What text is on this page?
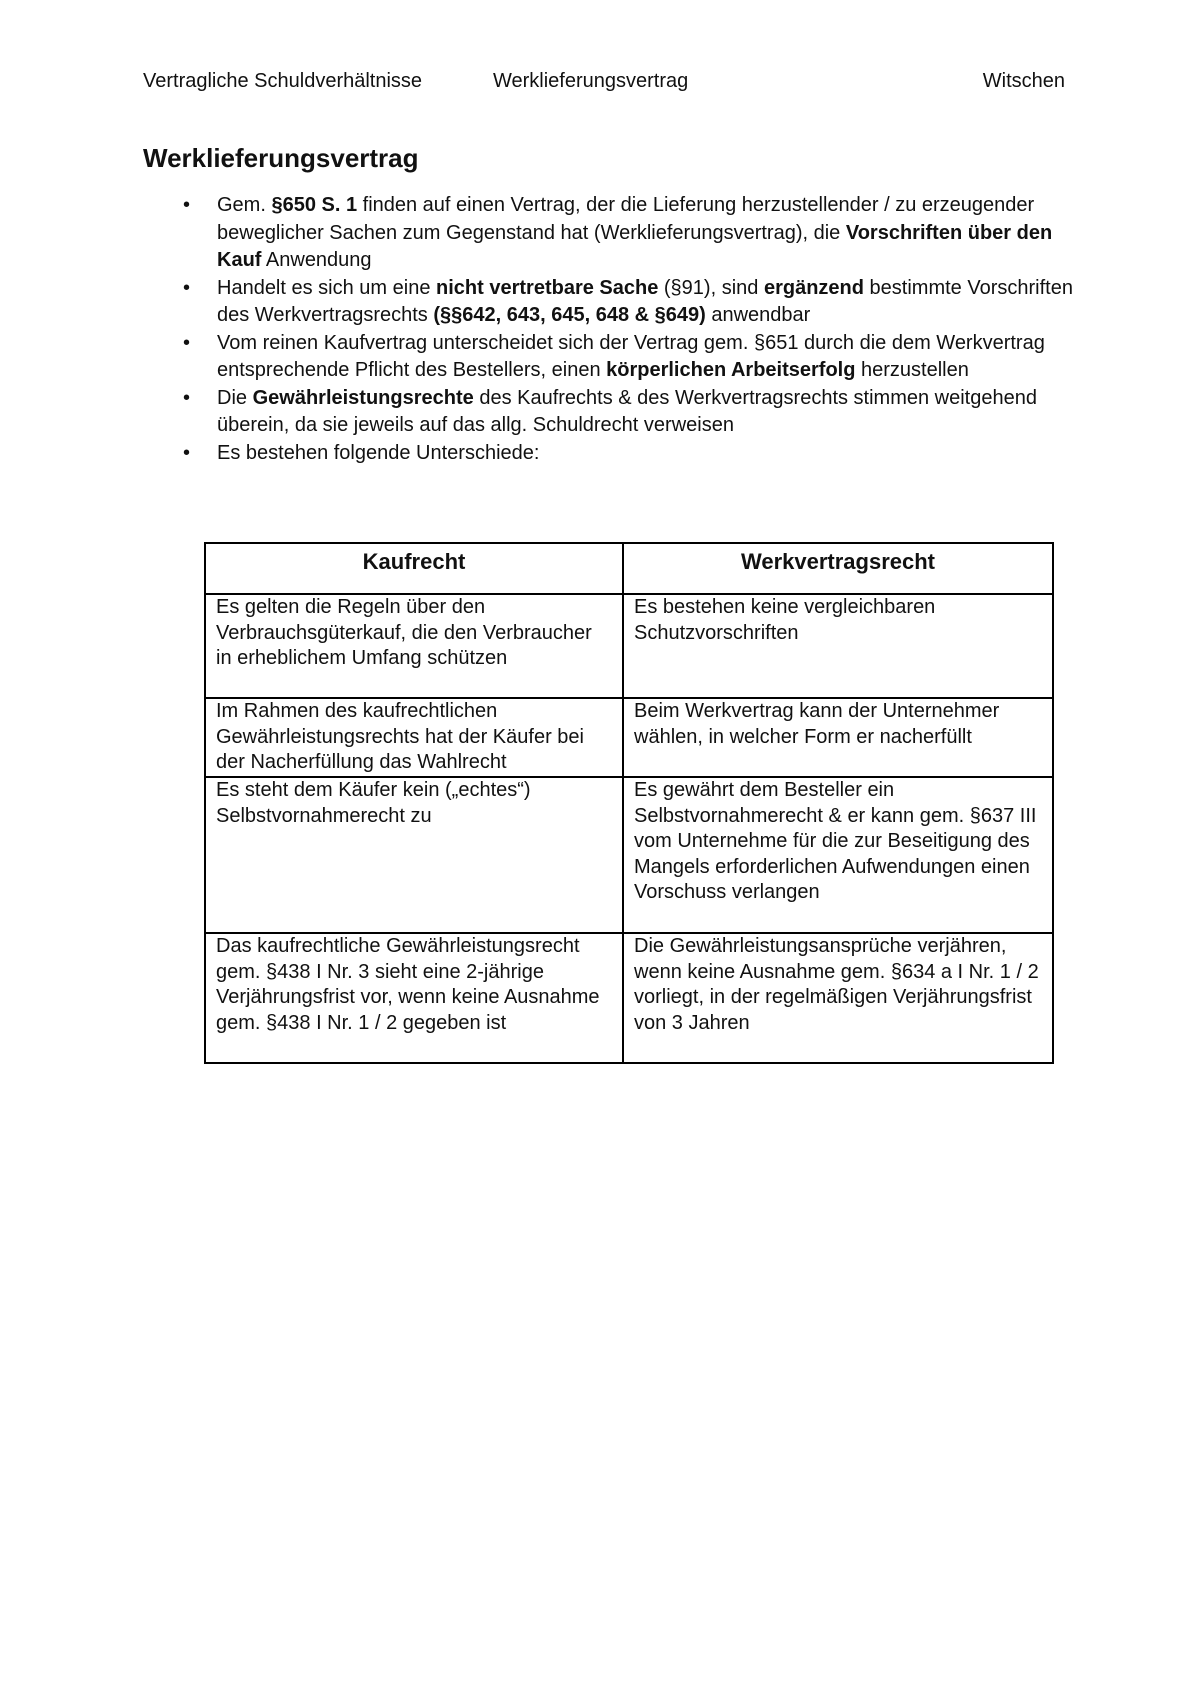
Vertragliche Schuldverhältnisse	Werklieferungsvertrag	Witschen
Werklieferungsvertrag
•	Gem. §650 S. 1 finden auf einen Vertrag, der die Lieferung herzustellender / zu erzeugender beweglicher Sachen zum Gegenstand hat (Werklieferungsvertrag), die Vorschriften über den Kauf Anwendung
•	Handelt es sich um eine nicht vertretbare Sache (§91), sind ergänzend bestimmte Vorschriften des Werkvertragsrechts (§§642, 643, 645, 648 & §649) anwendbar
•	Vom reinen Kaufvertrag unterscheidet sich der Vertrag gem. §651 durch die dem Werkvertrag entsprechende Pflicht des Bestellers, einen körperlichen Arbeitserfolg herzustellen
•	Die Gewährleistungsrechte des Kaufrechts & des Werkvertragsrechts stimmen weitgehend überein, da sie jeweils auf das allg. Schuldrecht verweisen
•	Es bestehen folgende Unterschiede:
Kaufrecht	Werkvertragsrecht
Es gelten die Regeln über den Verbrauchsgüterkauf, die den Verbraucher in erheblichem Umfang schützen	Es bestehen keine vergleichbaren Schutzvorschriften
Im Rahmen des kaufrechtlichen Gewährleistungsrechts hat der Käufer bei der Nacherfüllung das Wahlrecht	Beim Werkvertrag kann der Unternehmer wählen, in welcher Form er nacherfüllt
Es steht dem Käufer kein („echtes“) Selbstvornahmerecht zu	Es gewährt dem Besteller ein Selbstvornahmerecht & er kann gem. §637 III vom Unternehme für die zur Beseitigung des Mangels erforderlichen Aufwendungen einen Vorschuss verlangen
Das kaufrechtliche Gewährleistungsrecht gem. §438 I Nr. 3 sieht eine 2-jährige Verjährungsfrist vor, wenn keine Ausnahme gem. §438 I Nr. 1 / 2 gegeben ist	Die Gewährleistungsansprüche verjähren, wenn keine Ausnahme gem. §634 a I Nr. 1 / 2 vorliegt, in der regelmäßigen Verjährungsfrist von 3 Jahren
